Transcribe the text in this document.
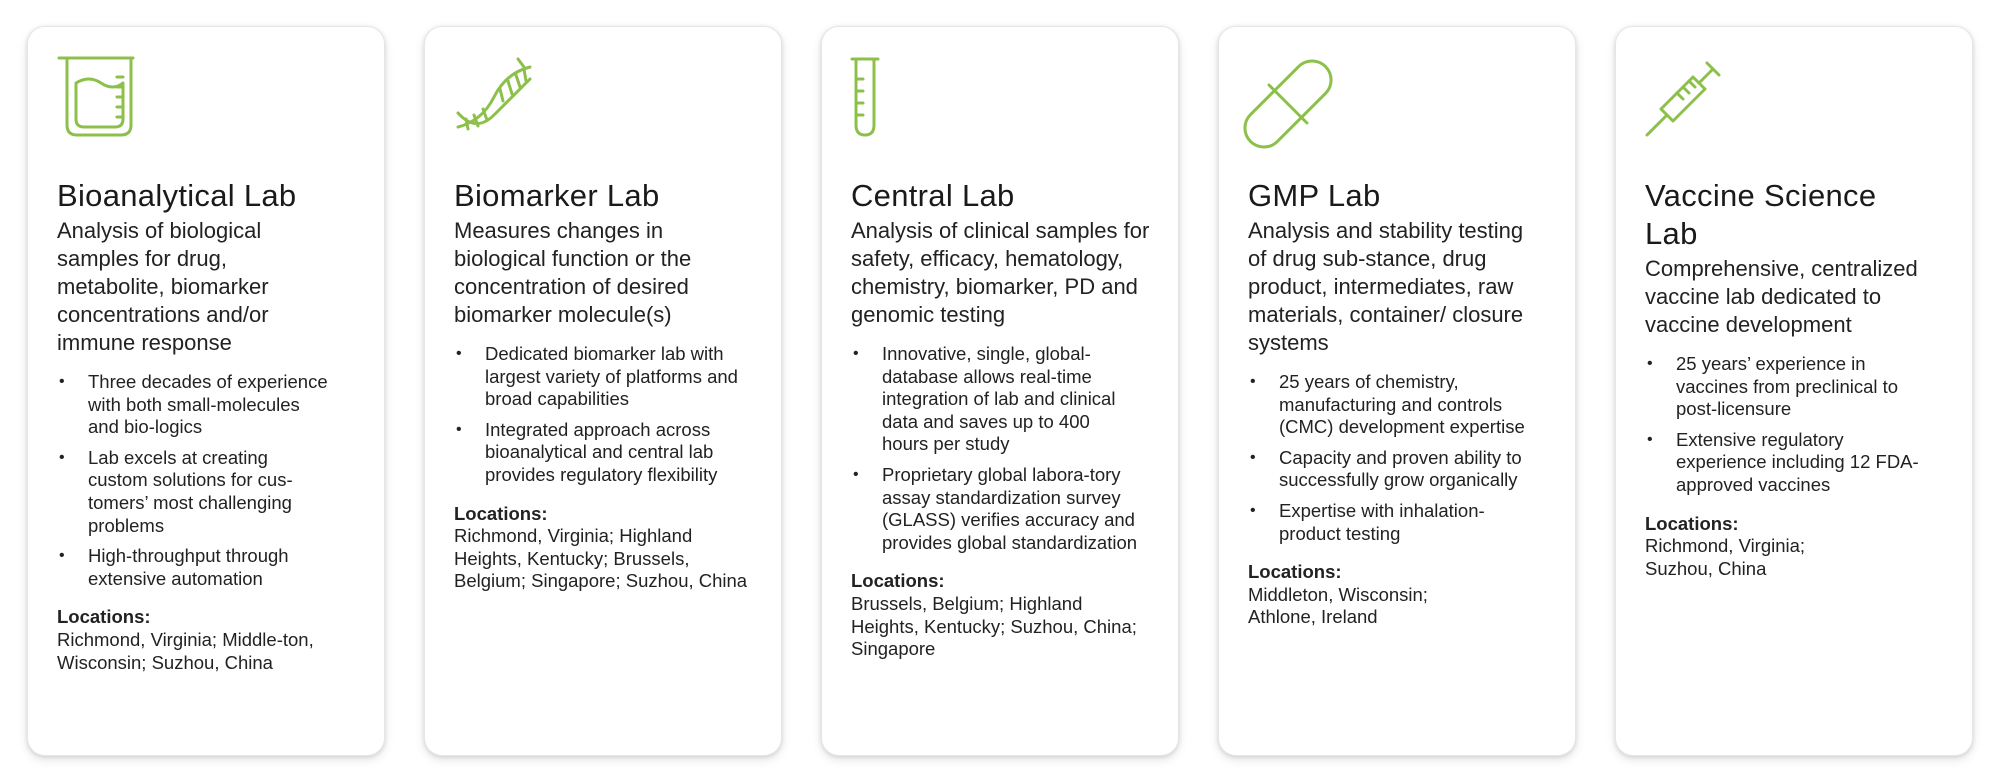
Bioanalytical Lab

Analysis of biological samples for drug, metabolite, biomarker concentrations and/or immune response

• Three decades of experience with both small-molecules and bio-logics
• Lab excels at creating custom solutions for cus-tomers’ most challenging problems
• High-throughput through extensive automation

Locations:

Richmond, Virginia; Middle-ton, Wisconsin; Suzhou, China

Biomarker Lab

Measures changes in biological function or the concentration of desired biomarker molecule(s)

• Dedicated biomarker lab with largest variety of platforms and broad capabilities
• Integrated approach across bioanalytical and central lab provides regulatory flexibility

Locations:

Richmond, Virginia; Highland Heights, Kentucky; Brussels, Belgium; Singapore; Suzhou, China

Central Lab

Analysis of clinical samples for safety, efficacy, hematology, chemistry, biomarker, PD and genomic testing

• Innovative, single, global-database allows real-time integration of lab and clinical data and saves up to 400 hours per study
• Proprietary global labora-tory assay standardization survey (GLASS) verifies accuracy and provides global standardization

Locations:

Brussels, Belgium; Highland Heights, Kentucky; Suzhou, China; Singapore

GMP Lab

Analysis and stability testing of drug sub-stance, drug product, intermediates, raw materials, container/ closure systems

• 25 years of chemistry, manufacturing and controls (CMC) development expertise
• Capacity and proven ability to successfully grow organically
• Expertise with inhalation-product testing

Locations:

Middleton, Wisconsin; Athlone, Ireland

Vaccine Science Lab

Comprehensive, centralized vaccine lab dedicated to vaccine development

• 25 years’ experience in vaccines from preclinical to post-licensure
• Extensive regulatory experience including 12 FDA-approved vaccines

Locations:

Richmond, Virginia; Suzhou, China
